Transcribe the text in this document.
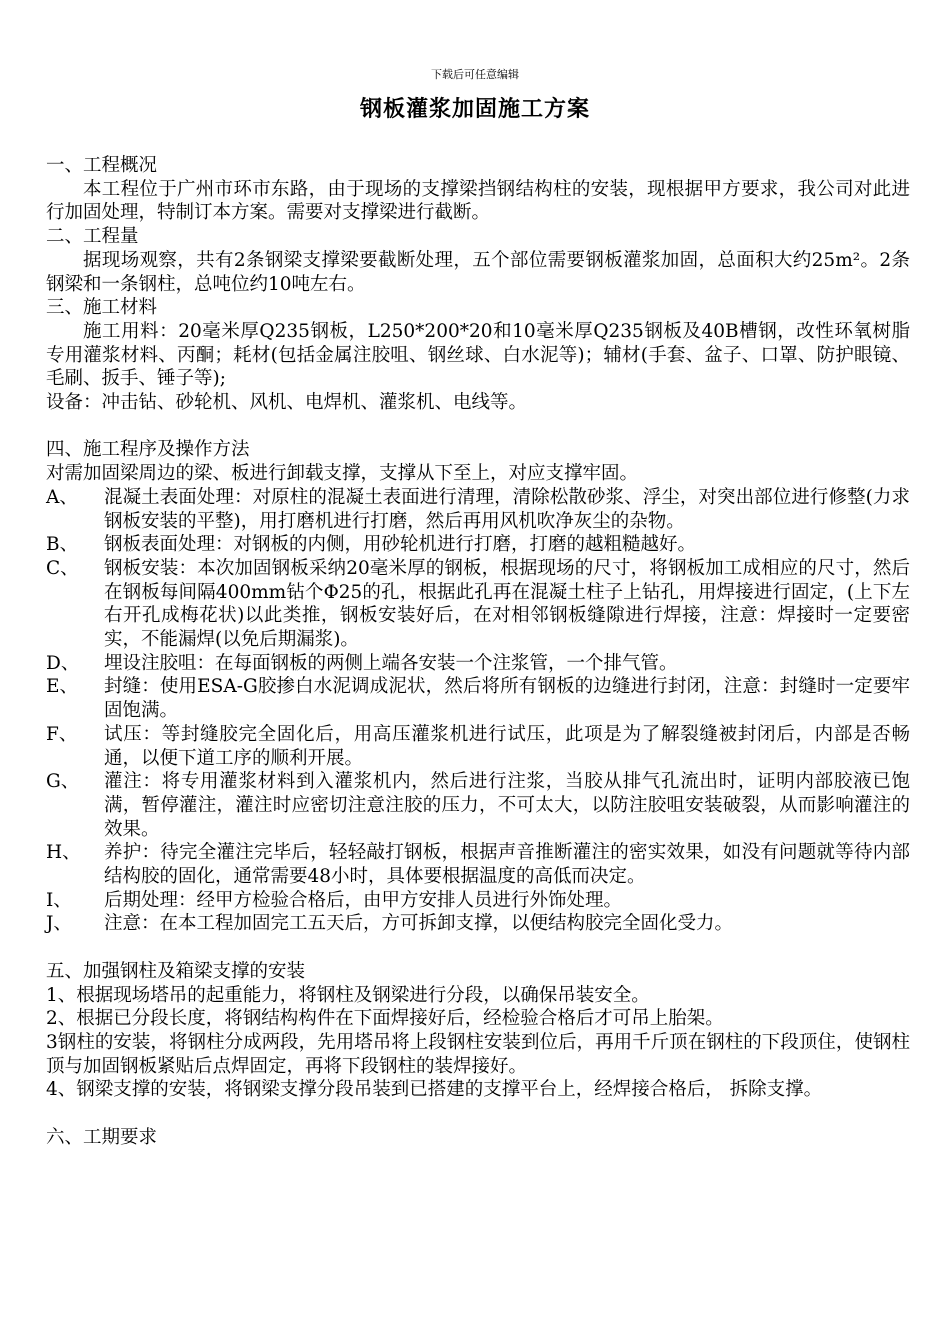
下载后可任意编辑
钢板灌浆加固施工方案

一、工程概况

本工程位于广州市环市东路，由于现场的支撑梁挡钢结构柱的安装，现根据甲方要求，我公司对此进行加固处理，特制订本方案。需要对支撑梁进行截断。

二、工程量

据现场观察，共有2条钢梁支撑梁要截断处理，五个部位需要钢板灌浆加固，总面积大约25m²。2条钢梁和一条钢柱，总吨位约10吨左右。

三、施工材料

施工用料：20毫米厚Q235钢板，L250*200*20和10毫米厚Q235钢板及40B槽钢，改性环氧树脂专用灌浆材料、丙酮；耗材(包括金属注胶咀、钢丝球、白水泥等)；辅材(手套、盆子、口罩、防护眼镜、毛刷、扳手、锤子等);

设备：冲击钻、砂轮机、风机、电焊机、灌浆机、电线等。

四、施工程序及操作方法

对需加固梁周边的梁、板进行卸载支撑，支撑从下至上，对应支撑牢固。

A、	混凝土表面处理：对原柱的混凝土表面进行清理，清除松散砂浆、浮尘，对突出部位进行修整(力求钢板安装的平整)，用打磨机进行打磨，然后再用风机吹净灰尘的杂物。
B、	钢板表面处理：对钢板的内侧，用砂轮机进行打磨，打磨的越粗糙越好。
C、	钢板安装：本次加固钢板采纳20毫米厚的钢板，根据现场的尺寸，将钢板加工成相应的尺寸，然后在钢板每间隔400mm钻个Φ25的孔，根据此孔再在混凝土柱子上钻孔，用焊接进行固定，(上下左右开孔成梅花状)以此类推，钢板安装好后，在对相邻钢板缝隙进行焊接，注意：焊接时一定要密实，不能漏焊(以免后期漏浆)。
D、	埋设注胶咀：在每面钢板的两侧上端各安装一个注浆管，一个排气管。
E、	封缝：使用ESA-G胶掺白水泥调成泥状，然后将所有钢板的边缝进行封闭，注意：封缝时一定要牢固饱满。
F、	试压：等封缝胶完全固化后，用高压灌浆机进行试压，此项是为了解裂缝被封闭后，内部是否畅通，以便下道工序的顺利开展。
G、	灌注：将专用灌浆材料到入灌浆机内，然后进行注浆，当胶从排气孔流出时，证明内部胶液已饱满，暂停灌注，灌注时应密切注意注胶的压力，不可太大，以防注胶咀安装破裂，从而影响灌注的效果。
H、	养护：待完全灌注完毕后，轻轻敲打钢板，根据声音推断灌注的密实效果，如没有问题就等待内部结构胶的固化，通常需要48小时，具体要根据温度的高低而决定。
I、	后期处理：经甲方检验合格后，由甲方安排人员进行外饰处理。
J、	注意：在本工程加固完工五天后，方可拆卸支撑，以便结构胶完全固化受力。

五、加强钢柱及箱梁支撑的安装

1、根据现场塔吊的起重能力，将钢柱及钢梁进行分段，以确保吊装安全。

2、根据已分段长度，将钢结构构件在下面焊接好后，经检验合格后才可吊上胎架。

3钢柱的安装，将钢柱分成两段，先用塔吊将上段钢柱安装到位后，再用千斤顶在钢柱的下段顶住，使钢柱顶与加固钢板紧贴后点焊固定，再将下段钢柱的装焊接好。

4、钢梁支撑的安装，将钢梁支撑分段吊装到已搭建的支撑平台上，经焊接合格后， 拆除支撑。

六、工期要求
